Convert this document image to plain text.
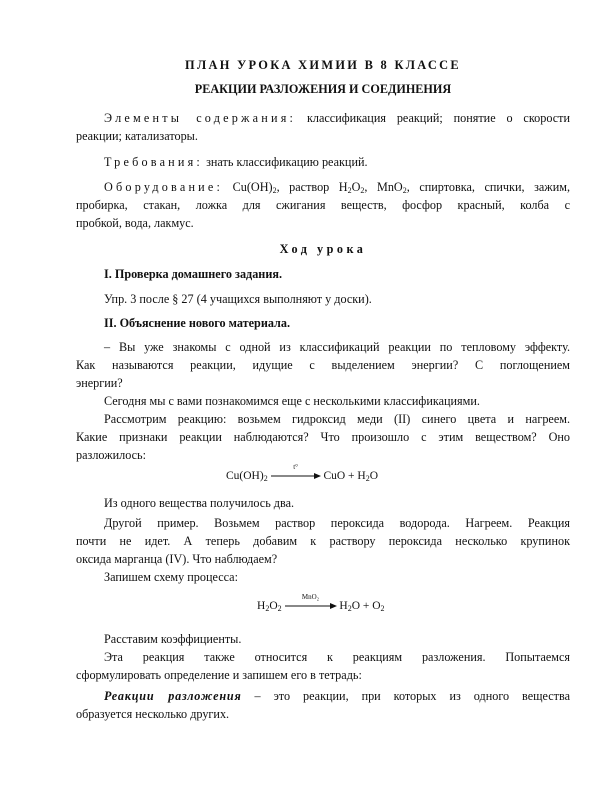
ПЛАН УРОКА ХИМИИ В 8 КЛАССЕ
РЕАКЦИИ РАЗЛОЖЕНИЯ И СОЕДИНЕНИЯ
Элементы содержания: классификация реакций; понятие о скорости
реакции; катализаторы.
Требования: знать классификацию реакций.
Оборудование: $Cu(OH)_2$, раствор $H_2O_2$, MnO$_2$, спиртовка, спички, зажим,
пробирка, стакан, ложка для сжигания веществ, фосфор красный, колба с
пробкой, вода, лакмус.
Ход урока
I. Проверка домашнего задания.
Упр. 3 после § 27 (4 учащихся выполняют у доски).
II. Объяснение нового материала.
– Вы уже знакомы с одной из классификаций реакции по тепловому эффекту.
Как называются реакции, идущие с выделением энергии? С поглощением
энергии?
Сегодня мы с вами познакомимся еще с несколькими классификациями.
Рассмотрим реакцию: возьмем гидроксид меди (II) синего цвета и нагреем.
Какие признаки реакции наблюдаются? Что произошло с этим веществом? Оно
разложилось:
$Cu(OH)_2$
t°
CuO + $H_2O$
Из одного вещества получилось два.
Другой пример. Возьмем раствор пероксида водорода. Нагреем. Реакция
почти не идет. А теперь добавим к раствору пероксида несколько крупинок
оксида марганца (IV). Что наблюдаем?
Запишем схему процесса:
$H_2O_2$
MnO₂
$H_2O + O_2$
Расставим коэффициенты.
Эта реакция также относится к реакциям разложения. Попытаемся
сформулировать определение и запишем его в тетрадь:
Реакции разложения – это реакции, при которых из одного вещества
образуется несколько других.
